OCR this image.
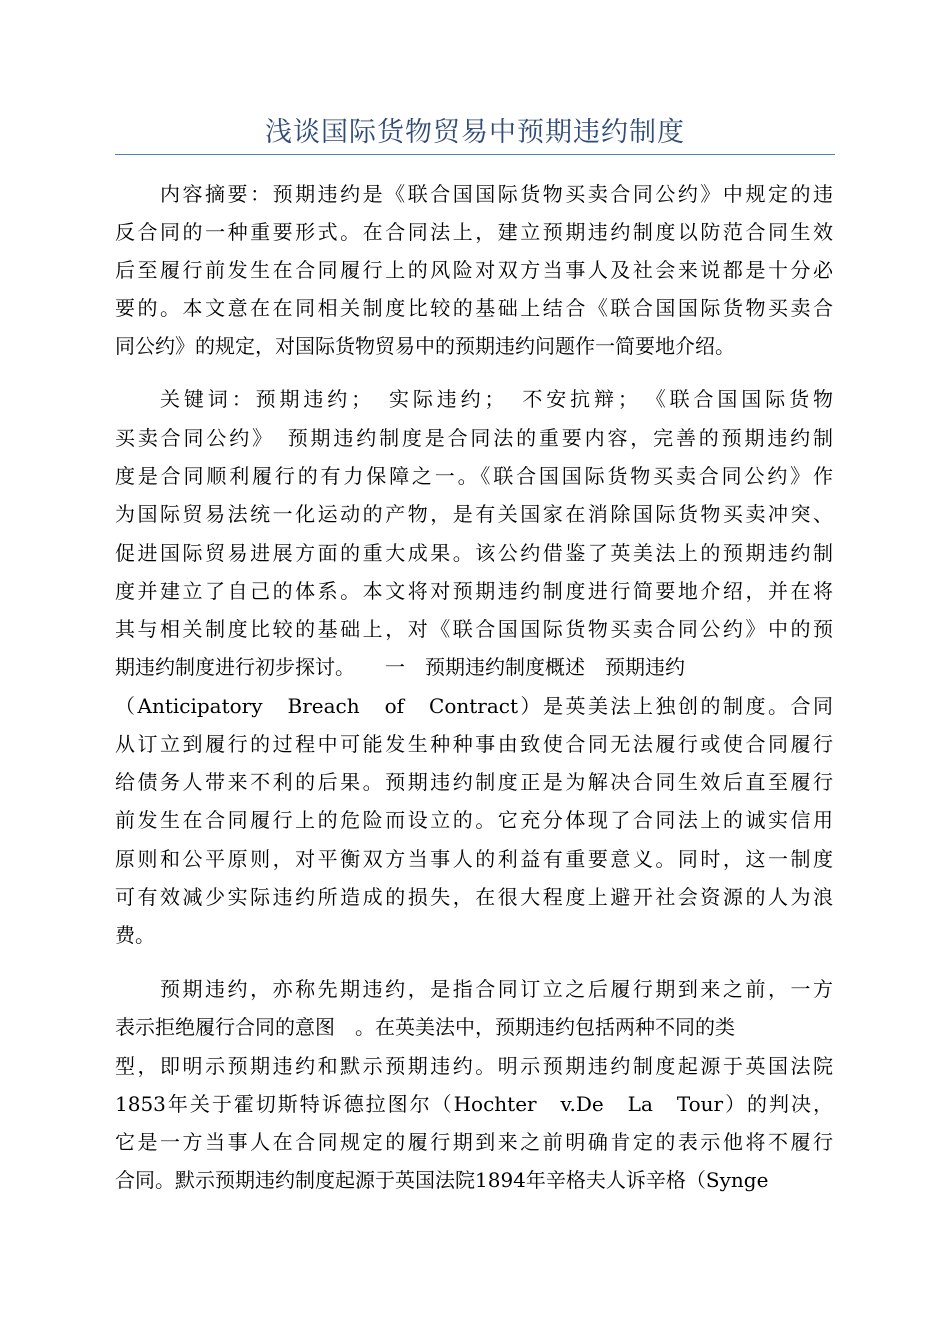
浅谈国际货物贸易中预期违约制度
内容摘要：预期违约是《联合国国际货物买卖合同公约》中规定的违
反合同的一种重要形式。在合同法上，建立预期违约制度以防范合同生效
后至履行前发生在合同履行上的风险对双方当事人及社会来说都是十分必
要的。本文意在在同相关制度比较的基础上结合《联合国国际货物买卖合
同公约》的规定，对国际货物贸易中的预期违约问题作一简要地介绍。
关键词：预期违约；　实际违约；　不安抗辩；　《联合国国际货物
买卖合同公约》　预期违约制度是合同法的重要内容，完善的预期违约制
度是合同顺利履行的有力保障之一。《联合国国际货物买卖合同公约》作
为国际贸易法统一化运动的产物，是有关国家在消除国际货物买卖冲突、
促进国际贸易进展方面的重大成果。该公约借鉴了英美法上的预期违约制
度并建立了自己的体系。本文将对预期违约制度进行简要地介绍，并在将
其与相关制度比较的基础上，对《联合国国际货物买卖合同公约》中的预
期违约制度进行初步探讨。　　一　预期违约制度概述　预期违约
（Anticipatory　Breach　of　Contract）是英美法上独创的制度。合同
从订立到履行的过程中可能发生种种事由致使合同无法履行或使合同履行
给债务人带来不利的后果。预期违约制度正是为解决合同生效后直至履行
前发生在合同履行上的危险而设立的。它充分体现了合同法上的诚实信用
原则和公平原则，对平衡双方当事人的利益有重要意义。同时，这一制度
可有效减少实际违约所造成的损失，在很大程度上避开社会资源的人为浪
费。
预期违约，亦称先期违约，是指合同订立之后履行期到来之前，一方
表示拒绝履行合同的意图　。在英美法中，预期违约包括两种不同的类
型，即明示预期违约和默示预期违约。明示预期违约制度起源于英国法院
1853年关于霍切斯特诉德拉图尔（Hochter　v.De　La　Tour）的判决，
它是一方当事人在合同规定的履行期到来之前明确肯定的表示他将不履行
合同。默示预期违约制度起源于英国法院1894年辛格夫人诉辛格（Synge
